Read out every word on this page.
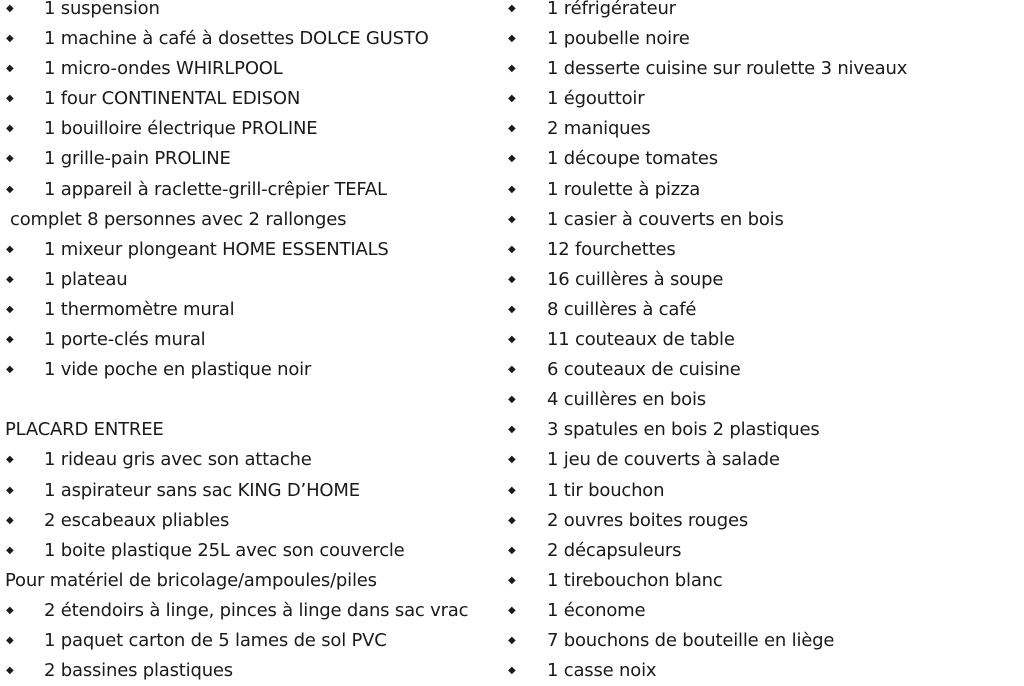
◆ 1 suspension
◆ 1 machine à café à dosettes DOLCE GUSTO
◆ 1 micro-ondes WHIRLPOOL
◆ 1 four CONTINENTAL EDISON
◆ 1 bouilloire électrique PROLINE
◆ 1 grille-pain PROLINE
◆ 1 appareil à raclette-grill-crêpier TEFAL
complet 8 personnes avec 2 rallonges
◆ 1 mixeur plongeant HOME ESSENTIALS
◆ 1 plateau
◆ 1 thermomètre mural
◆ 1 porte-clés mural
◆ 1 vide poche en plastique noir
PLACARD ENTREE
◆ 1 rideau gris avec son attache
◆ 1 aspirateur sans sac KING D’HOME
◆ 2 escabeaux pliables
◆ 1 boite plastique 25L avec son couvercle
Pour matériel de bricolage/ampoules/piles
◆ 2 étendoirs à linge, pinces à linge dans sac vrac
◆ 1 paquet carton de 5 lames de sol PVC
◆ 2 bassines plastiques
◆ 1 réfrigérateur
◆ 1 poubelle noire
◆ 1 desserte cuisine sur roulette 3 niveaux
◆ 1 égouttoir
◆ 2 maniques
◆ 1 découpe tomates
◆ 1 roulette à pizza
◆ 1 casier à couverts en bois
◆ 12 fourchettes
◆ 16 cuillères à soupe
◆ 8 cuillères à café
◆ 11 couteaux de table
◆ 6 couteaux de cuisine
◆ 4 cuillères en bois
◆ 3 spatules en bois 2 plastiques
◆ 1 jeu de couverts à salade
◆ 1 tir bouchon
◆ 2 ouvres boites rouges
◆ 2 décapsuleurs
◆ 1 tirebouchon blanc
◆ 1 économe
◆ 7 bouchons de bouteille en liège
◆ 1 casse noix
